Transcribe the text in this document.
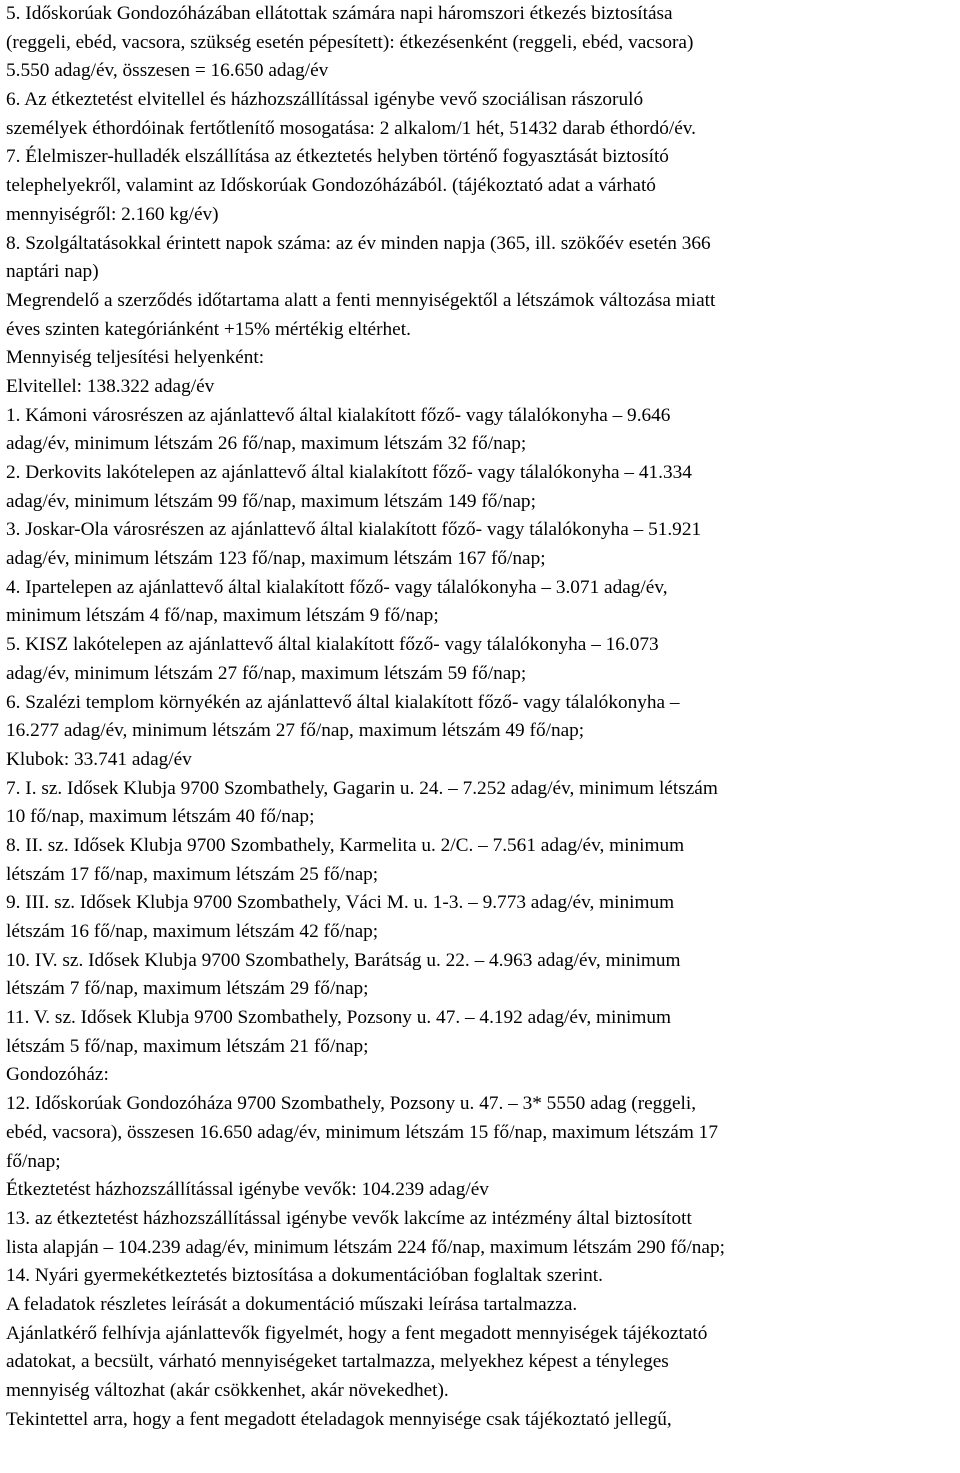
5. Időskorúak Gondozóházában ellátottak számára napi háromszori étkezés biztosítása
(reggeli, ebéd, vacsora, szükség esetén pépesített): étkezésenként (reggeli, ebéd, vacsora)
5.550 adag/év, összesen = 16.650 adag/év
6. Az étkeztetést elvitellel és házhozszállítással igénybe vevő szociálisan rászoruló
személyek éthordóinak fertőtlenítő mosogatása: 2 alkalom/1 hét, 51432 darab éthordó/év.
7. Élelmiszer-hulladék elszállítása az étkeztetés helyben történő fogyasztását biztosító
telephelyekről, valamint az Időskorúak Gondozóházából. (tájékoztató adat a várható
mennyiségről: 2.160 kg/év)
8. Szolgáltatásokkal érintett napok száma: az év minden napja (365, ill. szökőév esetén 366
naptári nap)
Megrendelő a szerződés időtartama alatt a fenti mennyiségektől a létszámok változása miatt
éves szinten kategóriánként +15% mértékig eltérhet.
Mennyiség teljesítési helyenként:
Elvitellel: 138.322 adag/év
1. Kámoni városrészen az ajánlattevő által kialakított főző- vagy tálalókonyha – 9.646
adag/év, minimum létszám 26 fő/nap, maximum létszám 32 fő/nap;
2. Derkovits lakótelepen az ajánlattevő által kialakított főző- vagy tálalókonyha – 41.334
adag/év, minimum létszám 99 fő/nap, maximum létszám 149 fő/nap;
3. Joskar-Ola városrészen az ajánlattevő által kialakított főző- vagy tálalókonyha – 51.921
adag/év, minimum létszám 123 fő/nap, maximum létszám 167 fő/nap;
4. Ipartelepen az ajánlattevő által kialakított főző- vagy tálalókonyha – 3.071 adag/év,
minimum létszám 4 fő/nap, maximum létszám 9 fő/nap;
5. KISZ lakótelepen az ajánlattevő által kialakított főző- vagy tálalókonyha – 16.073
adag/év, minimum létszám 27 fő/nap, maximum létszám 59 fő/nap;
6. Szalézi templom környékén az ajánlattevő által kialakított főző- vagy tálalókonyha –
16.277 adag/év, minimum létszám 27 fő/nap, maximum létszám 49 fő/nap;
Klubok: 33.741 adag/év
7. I. sz. Idősek Klubja 9700 Szombathely, Gagarin u. 24. – 7.252 adag/év, minimum létszám
10 fő/nap, maximum létszám 40 fő/nap;
8. II. sz. Idősek Klubja 9700 Szombathely, Karmelita u. 2/C. – 7.561 adag/év, minimum
létszám 17 fő/nap, maximum létszám 25 fő/nap;
9. III. sz. Idősek Klubja 9700 Szombathely, Váci M. u. 1-3. – 9.773 adag/év, minimum
létszám 16 fő/nap, maximum létszám 42 fő/nap;
10. IV. sz. Idősek Klubja 9700 Szombathely, Barátság u. 22. – 4.963 adag/év, minimum
létszám 7 fő/nap, maximum létszám 29 fő/nap;
11. V. sz. Idősek Klubja 9700 Szombathely, Pozsony u. 47. – 4.192 adag/év, minimum
létszám 5 fő/nap, maximum létszám 21 fő/nap;
Gondozóház:
12. Időskorúak Gondozóháza 9700 Szombathely, Pozsony u. 47. – 3* 5550 adag (reggeli,
ebéd, vacsora), összesen 16.650 adag/év, minimum létszám 15 fő/nap, maximum létszám 17
fő/nap;
Étkeztetést házhozszállítással igénybe vevők: 104.239 adag/év
13. az étkeztetést házhozszállítással igénybe vevők lakcíme az intézmény által biztosított
lista alapján – 104.239 adag/év, minimum létszám 224 fő/nap, maximum létszám 290 fő/nap;
14. Nyári gyermekétkeztetés biztosítása a dokumentációban foglaltak szerint.
A feladatok részletes leírását a dokumentáció műszaki leírása tartalmazza.
Ajánlatkérő felhívja ajánlattevők figyelmét, hogy a fent megadott mennyiségek tájékoztató
adatokat, a becsült, várható mennyiségeket tartalmazza, melyekhez képest a tényleges
mennyiség változhat (akár csökkenhet, akár növekedhet).
Tekintettel arra, hogy a fent megadott ételadagok mennyisége csak tájékoztató jellegű,
